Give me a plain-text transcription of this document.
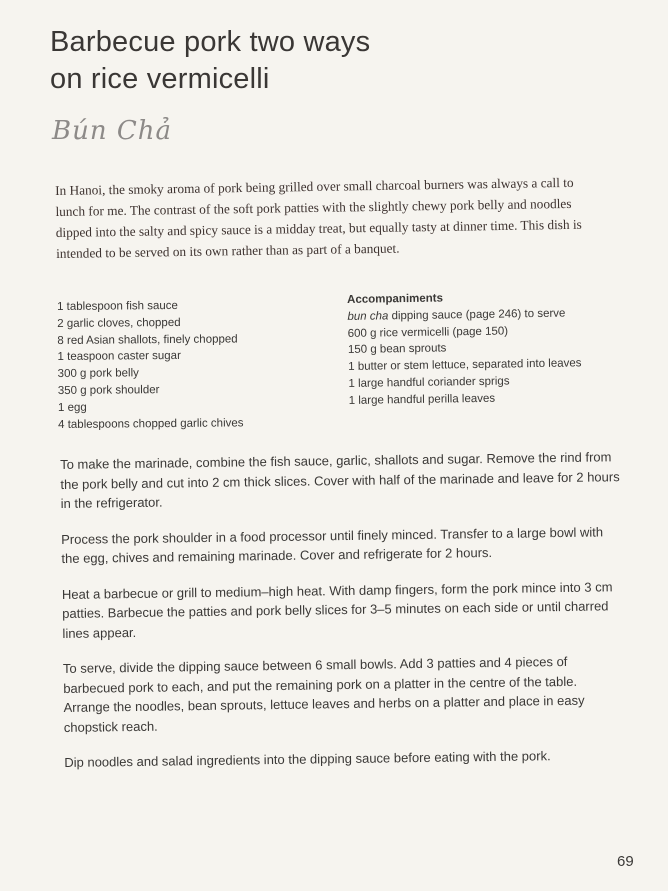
Barbecue pork two ways
on rice vermicelli
Bún Chả
In Hanoi, the smoky aroma of pork being grilled over small charcoal burners was always a call to lunch for me. The contrast of the soft pork patties with the slightly chewy pork belly and noodles dipped into the salty and spicy sauce is a midday treat, but equally tasty at dinner time. This dish is intended to be served on its own rather than as part of a banquet.
1 tablespoon fish sauce
2 garlic cloves, chopped
8 red Asian shallots, finely chopped
1 teaspoon caster sugar
300 g pork belly
350 g pork shoulder
1 egg
4 tablespoons chopped garlic chives
Accompaniments
bun cha dipping sauce (page 246) to serve
600 g rice vermicelli (page 150)
150 g bean sprouts
1 butter or stem lettuce, separated into leaves
1 large handful coriander sprigs
1 large handful perilla leaves

To make the marinade, combine the fish sauce, garlic, shallots and sugar. Remove the rind from the pork belly and cut into 2 cm thick slices. Cover with half of the marinade and leave for 2 hours in the refrigerator.

Process the pork shoulder in a food processor until finely minced. Transfer to a large bowl with the egg, chives and remaining marinade. Cover and refrigerate for 2 hours.

Heat a barbecue or grill to medium–high heat. With damp fingers, form the pork mince into 3 cm patties. Barbecue the patties and pork belly slices for 3–5 minutes on each side or until charred lines appear.

To serve, divide the dipping sauce between 6 small bowls. Add 3 patties and 4 pieces of barbecued pork to each, and put the remaining pork on a platter in the centre of the table. Arrange the noodles, bean sprouts, lettuce leaves and herbs on a platter and place in easy chopstick reach.

Dip noodles and salad ingredients into the dipping sauce before eating with the pork.

69
